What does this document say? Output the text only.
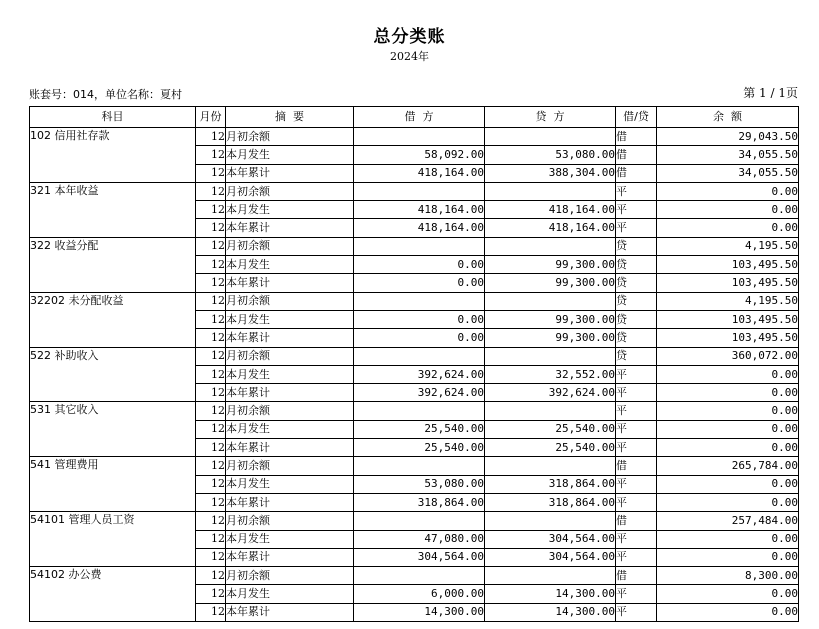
总分类账
2024年
账套号：014，单位名称：夏村	第 1 / 1页
科目	月份	摘  要	借  方	贷  方	借/贷	余  额
102 信用社存款	12	月初余额			借	29,043.50
	12	本月发生	58,092.00	53,080.00	借	34,055.50
	12	本年累计	418,164.00	388,304.00	借	34,055.50
321 本年收益	12	月初余额			平	0.00
	12	本月发生	418,164.00	418,164.00	平	0.00
	12	本年累计	418,164.00	418,164.00	平	0.00
322 收益分配	12	月初余额			贷	4,195.50
	12	本月发生	0.00	99,300.00	贷	103,495.50
	12	本年累计	0.00	99,300.00	贷	103,495.50
32202 未分配收益	12	月初余额			贷	4,195.50
	12	本月发生	0.00	99,300.00	贷	103,495.50
	12	本年累计	0.00	99,300.00	贷	103,495.50
522 补助收入	12	月初余额			贷	360,072.00
	12	本月发生	392,624.00	32,552.00	平	0.00
	12	本年累计	392,624.00	392,624.00	平	0.00
531 其它收入	12	月初余额			平	0.00
	12	本月发生	25,540.00	25,540.00	平	0.00
	12	本年累计	25,540.00	25,540.00	平	0.00
541 管理费用	12	月初余额			借	265,784.00
	12	本月发生	53,080.00	318,864.00	平	0.00
	12	本年累计	318,864.00	318,864.00	平	0.00
54101 管理人员工资	12	月初余额			借	257,484.00
	12	本月发生	47,080.00	304,564.00	平	0.00
	12	本年累计	304,564.00	304,564.00	平	0.00
54102 办公费	12	月初余额			借	8,300.00
	12	本月发生	6,000.00	14,300.00	平	0.00
	12	本年累计	14,300.00	14,300.00	平	0.00
